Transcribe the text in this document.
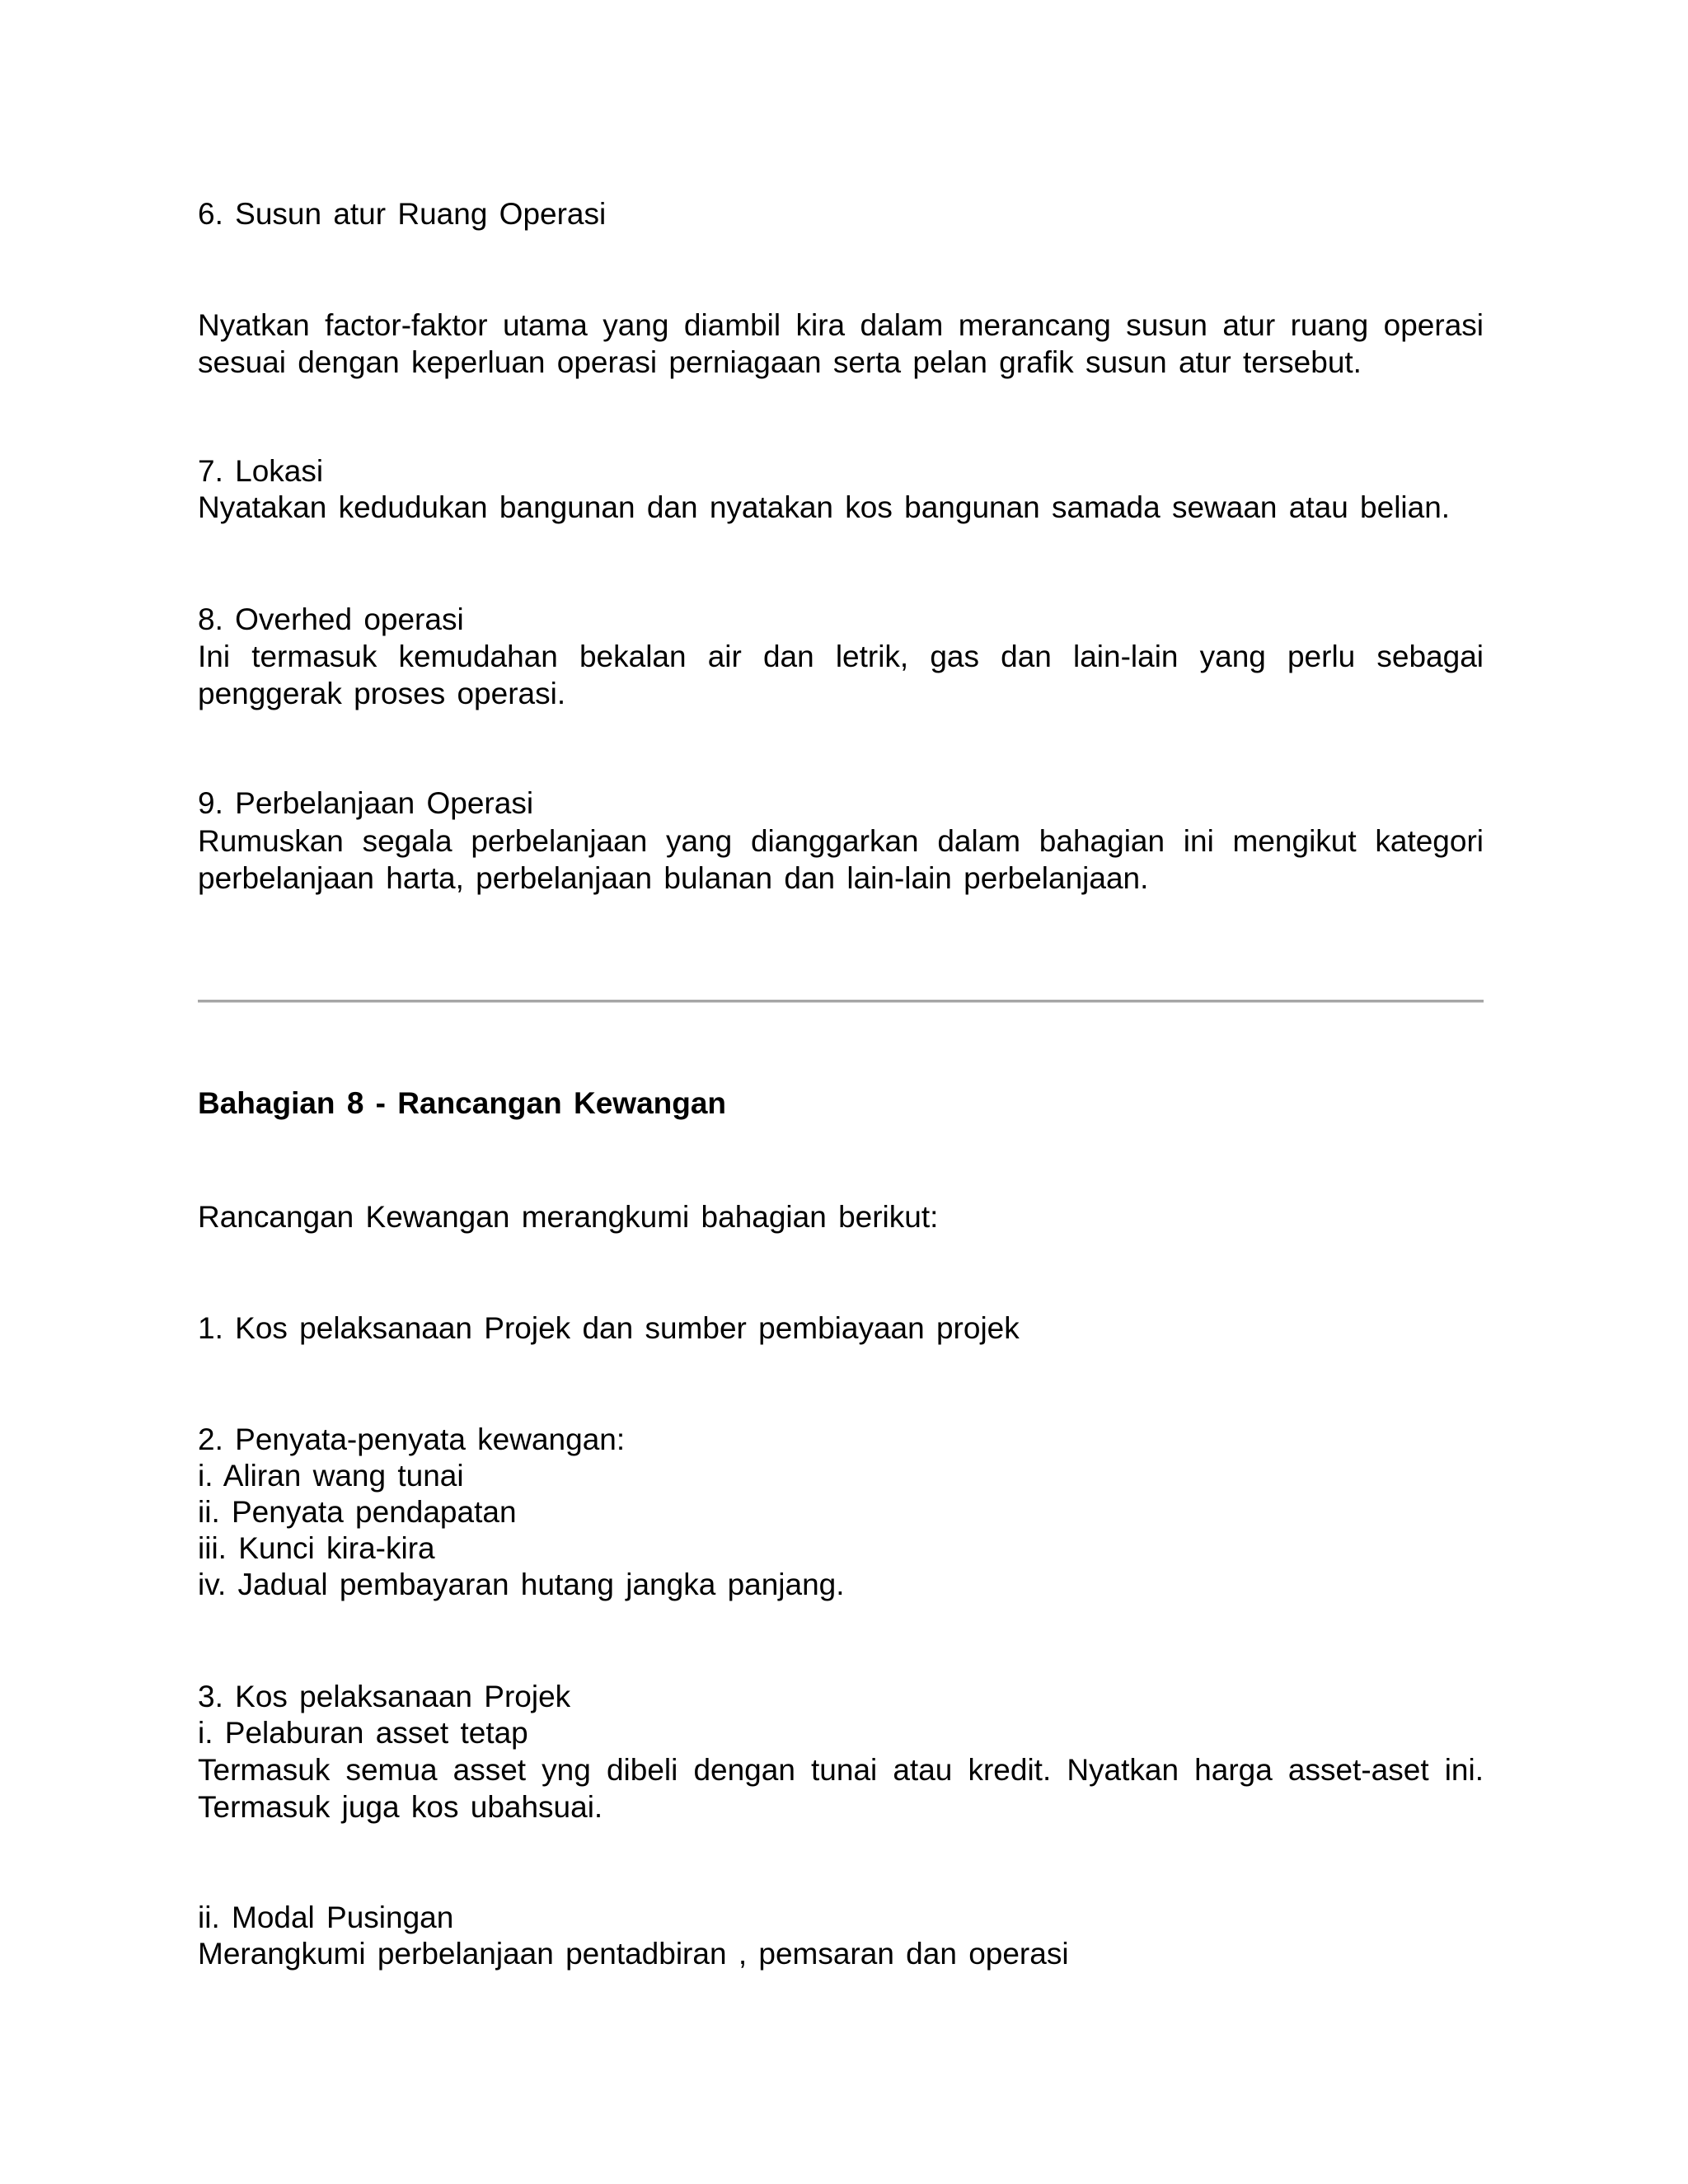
6. Susun atur Ruang Operasi
Nyatkan factor-faktor utama yang diambil kira dalam merancang susun atur ruang operasi sesuai dengan keperluan operasi perniagaan serta pelan grafik susun atur tersebut.
7. Lokasi
Nyatakan kedudukan bangunan dan nyatakan kos bangunan samada sewaan atau belian.
8. Overhed operasi
Ini termasuk kemudahan bekalan air dan letrik, gas dan lain-lain yang perlu sebagai penggerak proses operasi.
9. Perbelanjaan Operasi
Rumuskan segala perbelanjaan yang dianggarkan dalam bahagian ini mengikut kategori perbelanjaan harta, perbelanjaan bulanan dan lain-lain perbelanjaan.
Bahagian 8 - Rancangan Kewangan
Rancangan Kewangan merangkumi bahagian berikut:
1. Kos pelaksanaan Projek dan sumber pembiayaan projek
2. Penyata-penyata kewangan:
i. Aliran wang tunai
ii. Penyata pendapatan
iii. Kunci kira-kira
iv. Jadual pembayaran hutang jangka panjang.
3. Kos pelaksanaan Projek
i. Pelaburan asset tetap
Termasuk semua asset yng dibeli dengan tunai atau kredit. Nyatkan harga asset-aset ini. Termasuk juga kos ubahsuai.
ii. Modal Pusingan
Merangkumi perbelanjaan pentadbiran , pemsaran dan operasi
